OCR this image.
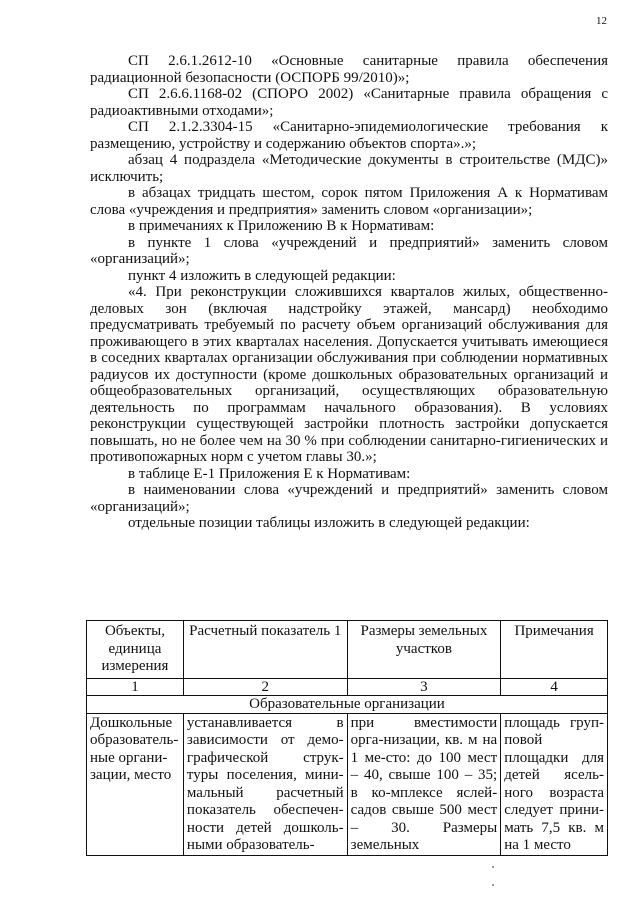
12

СП 2.6.1.2612-10 «Основные санитарные правила обеспечения радиационной безопасности (ОСПОРБ 99/2010)»;

СП 2.6.6.1168-02 (СПОРО 2002) «Санитарные правила обращения с радиоактивными отходами»;

СП 2.1.2.3304-15 «Санитарно-эпидемиологические требования к размещению, устройству и содержанию объектов спорта».»;

абзац 4 подраздела «Методические документы в строительстве (МДС)» исключить;

в абзацах тридцать шестом, сорок пятом Приложения А к Нормативам слова «учреждения и предприятия» заменить словом «организации»;

в примечаниях к Приложению В к Нормативам:

в пункте 1 слова «учреждений и предприятий» заменить словом «организаций»;

пункт 4 изложить в следующей редакции:

«4. При реконструкции сложившихся кварталов жилых, общественно-деловых зон (включая надстройку этажей, мансард) необходимо предусматривать требуемый по расчету объем организаций обслуживания для проживающего в этих кварталах населения. Допускается учитывать имеющиеся в соседних кварталах организации обслуживания при соблюдении нормативных радиусов их доступности (кроме дошкольных образовательных организаций и общеобразовательных организаций, осуществляющих образовательную деятельность по программам начального образования). В условиях реконструкции существующей застройки плотность застройки допускается повышать, но не более чем на 30 % при соблюдении санитарно-гигиенических и противопожарных норм с учетом главы 30.»;

в таблице Е-1 Приложения Е к Нормативам:

в наименовании слова «учреждений и предприятий» заменить словом «организаций»;

отдельные позиции таблицы изложить в следующей редакции:

Объекты, единица измерения	Расчетный показатель 1	Размеры земельных участков	Примечания
1	2	3	4
Образовательные организации			
Дошкольные образователь-ные органи-зации, место	устанавливается в зависимости от демо-графической струк-туры поселения, мини-мальный расчетный показатель обеспечен-ности детей дошколь-ными образователь-	при вместимости орга-низации, кв. м на 1 ме-сто: до 100 мест – 40, свыше 100 – 35; в ко-мплексе яслей-садов свыше 500 мест – 30. Размеры земельных	площадь груп-повой площадки для детей ясель-ного возраста следует прини-мать 7,5 кв. м на 1 место
